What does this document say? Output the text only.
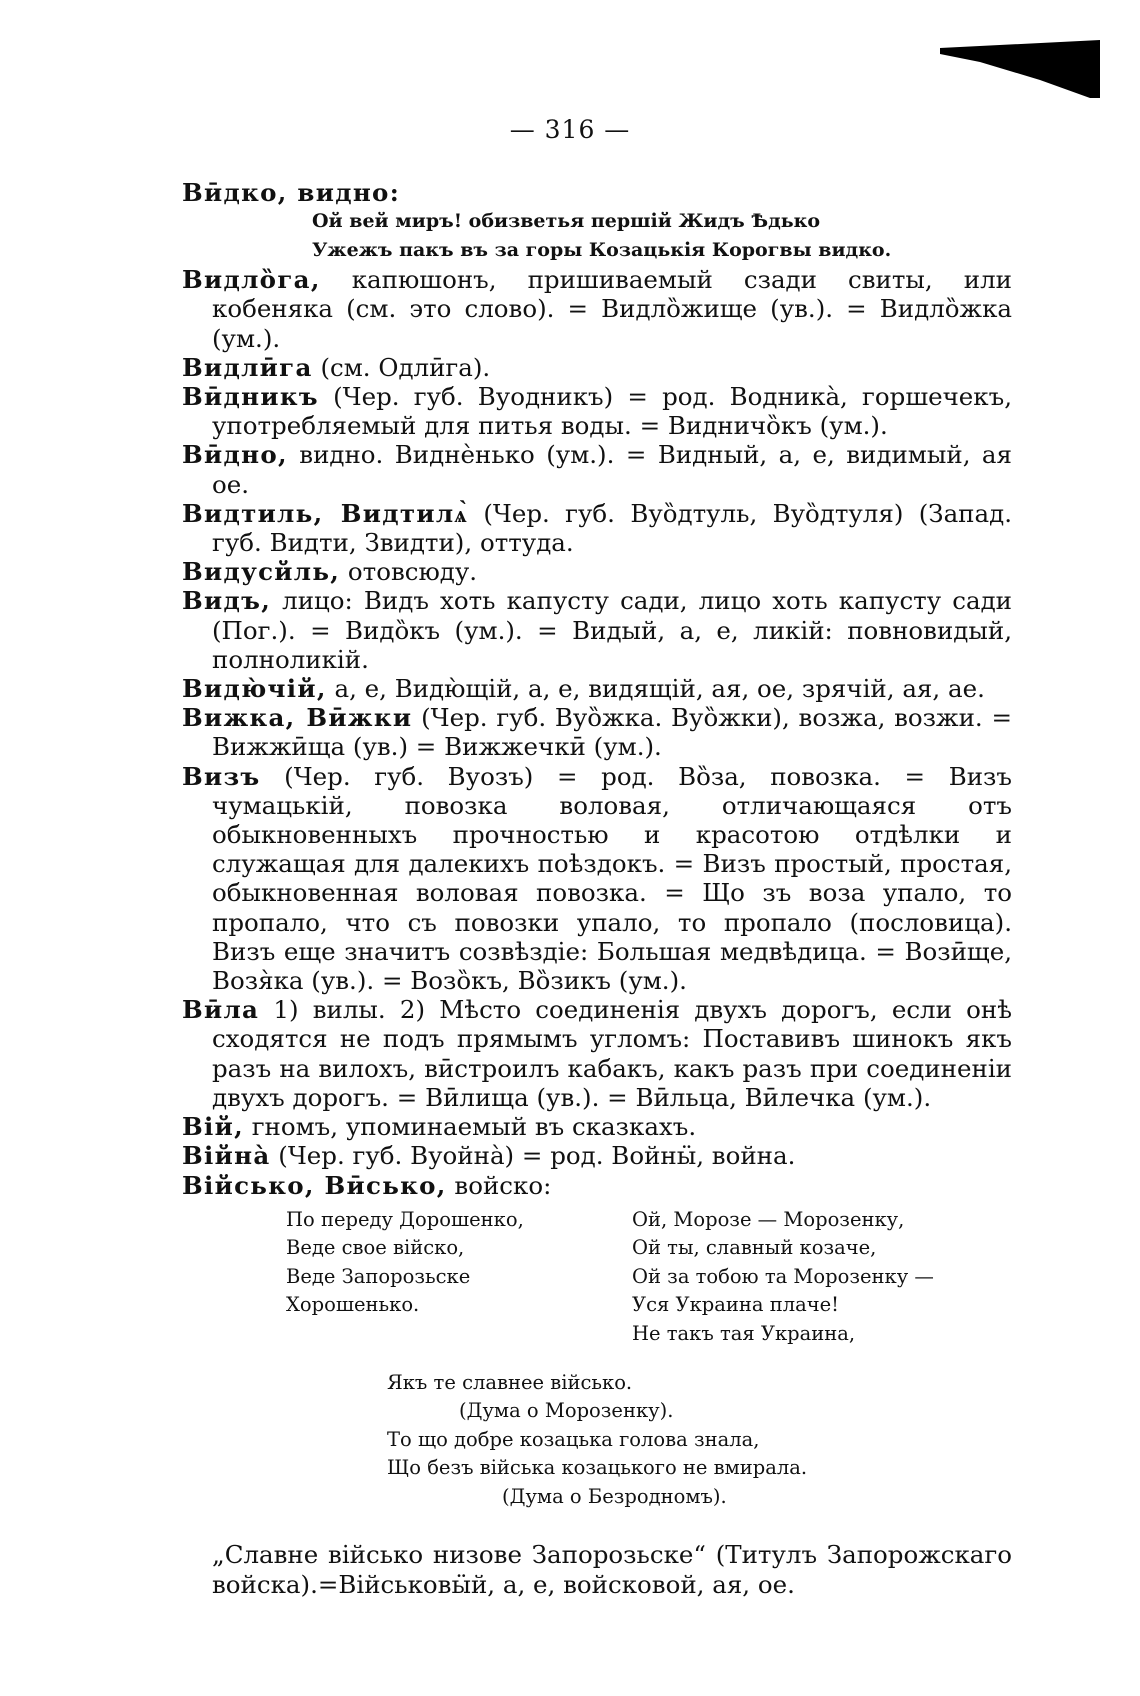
— 316 —

Вӣдко, видно:

Ой вей миръ! обизветья першій Жидъ Ѣдько

Ужежъ пакъ въ за горы Козацькія Корогвы видко.

Видлȍга, капюшонъ, пришиваемый сзади свиты, или кобеняка (см. это слово). = Видлȍжище (ув.). = Видлȍжка (ум.).

Видлӣга (см. Одлӣга).

Вӣдникъ (Чер. губ. Вуодникъ) = род. Водника̀, горшечекъ, употребляемый для питья воды. = Видничȍкъ (ум.).

Вӣдно, видно. Виднѐнько (ум.). = Видный, а, е, видимый, ая ое.

Видтиль, Видтилѧ̀ (Чер. губ. Вуȍдтуль, Вуȍдтуля) (Запад. губ. Видти, Звидти), оттуда.

Видусйль, отовсюду.

Видъ, лицо: Видъ хоть капусту сади, лицо хоть капусту сади (Пог.). = Видȍкъ (ум.). = Видый, а, е, ликій: повновидый, полноликій.

Видю̀чій, а, е, Видю̀щій, а, е, видящій, ая, ое, зрячій, ая, ае.

Вижка, Вӣжки (Чер. губ. Вуȍжка. Вуȍжки), возжа, возжи. = Вижжӣща (ув.) = Вижжечкӣ (ум.).

Визъ (Чер. губ. Вуозъ) = род. Вȍза, повозка. = Визъ чумацькій, повозка воловая, отличающаяся отъ обыкновенныхъ прочностью и красотою отдѣлки и служащая для далекихъ поѣздокъ. = Визъ простый, простая, обыкновенная воловая повозка. = Що зъ воза упало, то пропало, что съ повозки упало, то пропало (пословица). Визъ еще значитъ созвѣздіе: Большая медвѣдица. = Возӣще, Возя̀ка (ув.). = Возȍкъ, Вȍзикъ (ум.).

Вӣла 1) вилы. 2) Мѣсто соединенія двухъ дорогъ, если онѣ сходятся не подъ прямымъ угломъ: Поставивъ шинокъ якъ разъ на вилохъ, вӣстроилъ кабакъ, какъ разъ при соединеніи двухъ дорогъ. = Вӣлища (ув.). = Вӣльца, Вӣлечка (ум.).

Вій, гномъ, упоминаемый въ сказкахъ.

Війна̀ (Чер. губ. Вуойна̀) = род. Войнӹ, война.

Військо, Вӣсько, войско:

По переду Дорошенко,
Веде свое війско,
Веде Запорозьске
Хорошенько.
Ой, Морозе — Морозенку,
Ой ты, славный козаче,
Ой за тобою та Морозенку —
Уся Украина плаче!
Не такъ тая Украина,
Якъ те славнее військо.
(Дума о Морозенку).
То що добре козацька голова знала,
Що безъ війська козацького не вмирала.
(Дума о Безродномъ).

„Славне військо низове Запорозьске“ (Титулъ Запорожскаго войска).=Військовӹй, а, е, войсковой, ая, ое.
